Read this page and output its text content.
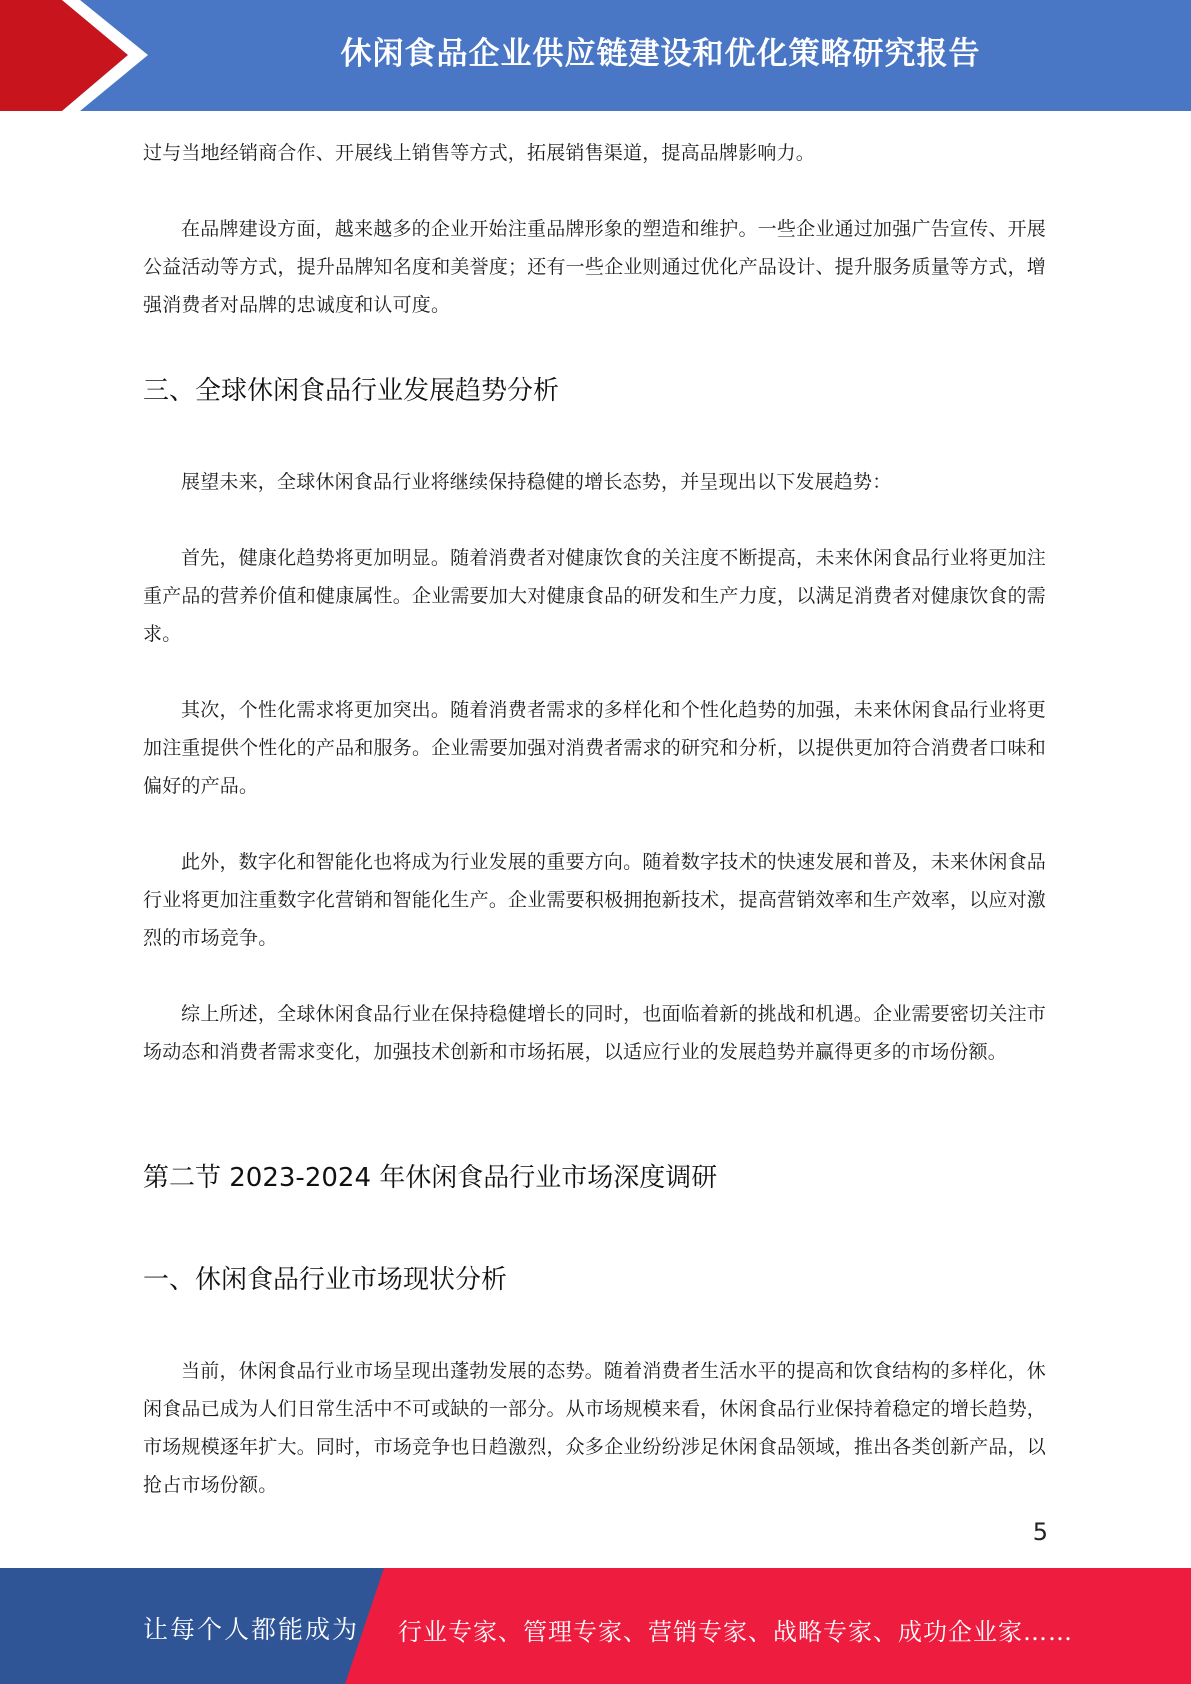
休闲食品企业供应链建设和优化策略研究报告

过与当地经销商合作、开展线上销售等方式，拓展销售渠道，提高品牌影响力。

在品牌建设方面，越来越多的企业开始注重品牌形象的塑造和维护。一些企业通过加强广告宣传、开展公益活动等方式，提升品牌知名度和美誉度；还有一些企业则通过优化产品设计、提升服务质量等方式，增强消费者对品牌的忠诚度和认可度。

三、全球休闲食品行业发展趋势分析

展望未来，全球休闲食品行业将继续保持稳健的增长态势，并呈现出以下发展趋势：

首先，健康化趋势将更加明显。随着消费者对健康饮食的关注度不断提高，未来休闲食品行业将更加注重产品的营养价值和健康属性。企业需要加大对健康食品的研发和生产力度，以满足消费者对健康饮食的需求。

其次，个性化需求将更加突出。随着消费者需求的多样化和个性化趋势的加强，未来休闲食品行业将更加注重提供个性化的产品和服务。企业需要加强对消费者需求的研究和分析，以提供更加符合消费者口味和偏好的产品。

此外，数字化和智能化也将成为行业发展的重要方向。随着数字技术的快速发展和普及，未来休闲食品行业将更加注重数字化营销和智能化生产。企业需要积极拥抱新技术，提高营销效率和生产效率，以应对激烈的市场竞争。

综上所述，全球休闲食品行业在保持稳健增长的同时，也面临着新的挑战和机遇。企业需要密切关注市场动态和消费者需求变化，加强技术创新和市场拓展，以适应行业的发展趋势并赢得更多的市场份额。

第二节 2023-2024 年休闲食品行业市场深度调研
一、休闲食品行业市场现状分析

当前，休闲食品行业市场呈现出蓬勃发展的态势。随着消费者生活水平的提高和饮食结构的多样化，休闲食品已成为人们日常生活中不可或缺的一部分。从市场规模来看，休闲食品行业保持着稳定的增长趋势，市场规模逐年扩大。同时，市场竞争也日趋激烈，众多企业纷纷涉足休闲食品领域，推出各类创新产品，以抢占市场份额。

5
让每个人都能成为 行业专家、管理专家、营销专家、战略专家、成功企业家……
